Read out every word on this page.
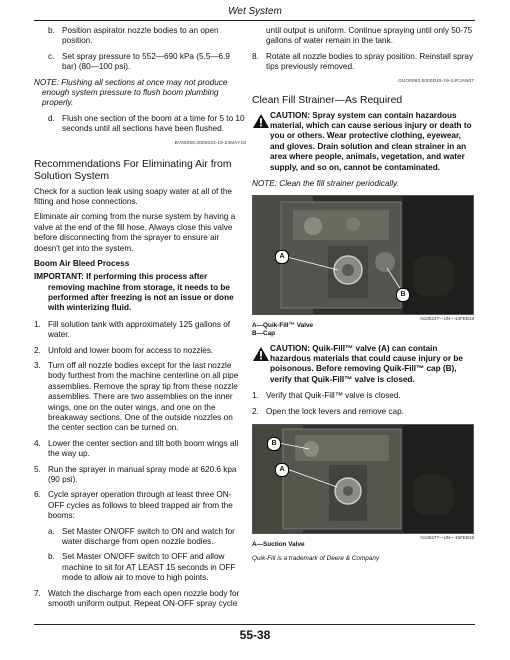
Wet System
b. Position aspirator nozzle bodies to an open position.
c. Set spray pressure to 552—690 kPa (5.5—6.9 bar) (80—100 psi).

NOTE: Flushing all sections at once may not produce enough system pressure to flush boom plumbing properly.

d. Flush one section of the boom at a time for 5 to 10 seconds until all sections have been flushed.
BV55050,0000043-19-24MAY18
Recommendations For Eliminating Air from Solution System

Check for a suction leak using soapy water at all of the fitting and hose connections.

Eliminate air coming from the nurse system by having a valve at the end of the fill hose. Always close this valve before disconnecting from the sprayer to ensure air doesn't get into the system.

Boom Air Bleed Process

IMPORTANT: If performing this process after removing machine from storage, it needs to be performed after freezing is not an issue or done with winterizing fluid.

1. Fill solution tank with approximately 125 gallons of water.
2. Unfold and lower boom for access to nozzles.
3. Turn off all nozzle bodies except for the last nozzle body furthest from the machine centerline on all pipe assemblies. Remove the spray tip from these nozzle assemblies. There are two assemblies on the inner wings, one on the outer wings, and one on the breakaway sections. One of the outside nozzles on the center section can be turned on.
4. Lower the center section and tilt both boom wings all the way up.
5. Run the sprayer in manual spray mode at 620.6 kpa (90 psi).
6. Cycle sprayer operation through at least three ON-OFF cycles as follows to bleed trapped air from the booms:
a. Set Master ON/OFF switch to ON and watch for water discharge from open nozzle bodies.
b. Set Master ON/OFF switch to OFF and allow machine to sit for AT LEAST 15 seconds in OFF mode to allow air to move to high points.
7. Watch the discharge from each open nozzle body for smooth uniform output. Repeat ON-OFF spray cycle

until output is uniform. Continue spraying until only 50-75 gallons of water remain in the tank.

8. Rotate all nozzle bodies to spray position. Reinstall spray tips previously removed.
OUO6092,0000D15-19-14FJAN07
Clean Fill Strainer—As Required
CAUTION: Spray system can contain hazardous material, which can cause serious injury or death to you or others. Wear protective clothing, eyewear, and gloves. Drain solution and clean strainer in an area where people, animals, vegetation, and water supply, and so on, cannot be contaminated.

NOTE: Clean the fill strainer periodically.

A
B
N135237—UN—14FEB18
A—Quik-Fill™ Valve
B—Cap
CAUTION: Quik-Fill™ valve (A) can contain hazardous materials that could cause injury or be poisonous. Before removing Quik-Fill™ cap (B), verify that Quik-Fill™ valve is closed.
1. Verify that Quik-Fill™ valve is closed.
2. Open the lock levers and remove cap.
B
A
N135277—UN—19FEB18
A—Suction Valve
Quik-Fill is a trademark of Deere & Company
55-38
